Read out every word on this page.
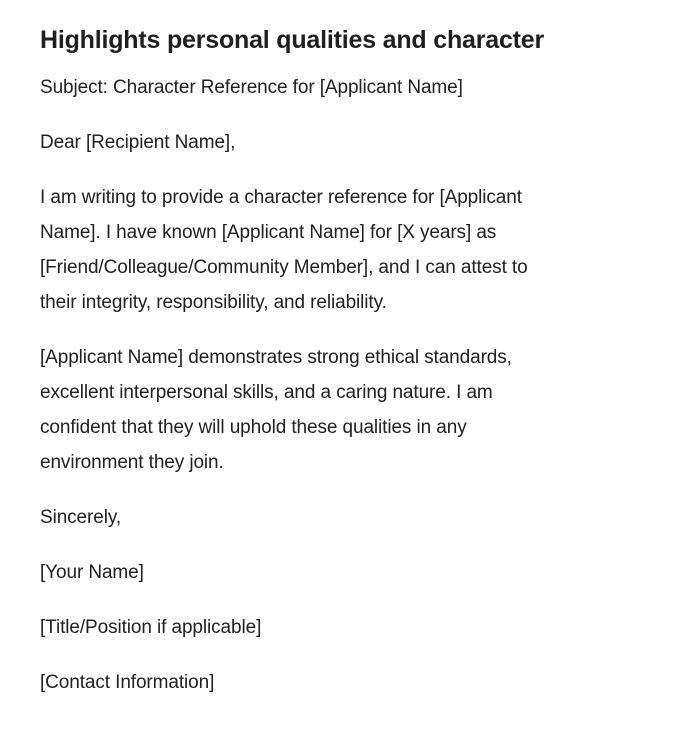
Highlights personal qualities and character

Subject: Character Reference for [Applicant Name]

Dear [Recipient Name],

I am writing to provide a character reference for [Applicant
Name]. I have known [Applicant Name] for [X years] as
[Friend/Colleague/Community Member], and I can attest to
their integrity, responsibility, and reliability.

[Applicant Name] demonstrates strong ethical standards,
excellent interpersonal skills, and a caring nature. I am
confident that they will uphold these qualities in any
environment they join.

Sincerely,

[Your Name]

[Title/Position if applicable]

[Contact Information]
